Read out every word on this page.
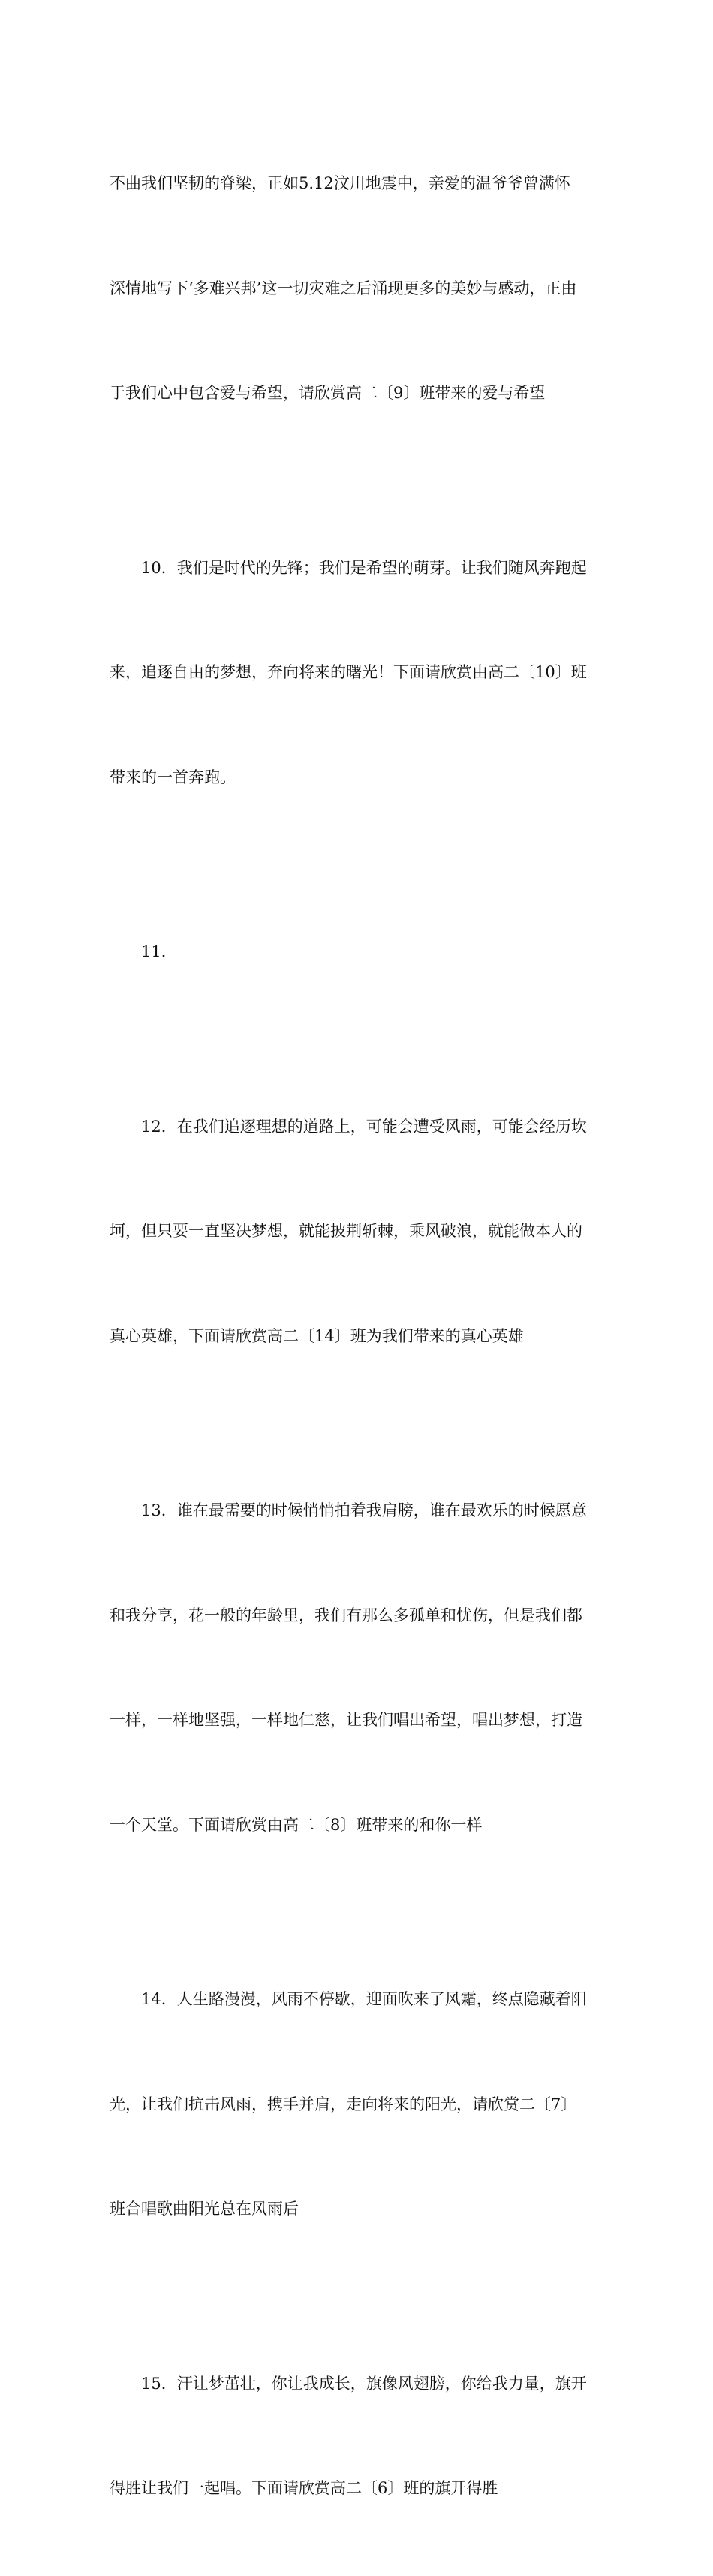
不曲我们坚韧的脊梁，正如5.12汶川地震中，亲爱的温爷爷曾满怀

深情地写下‘多难兴邦’这一切灾难之后涌现更多的美妙与感动，正由

于我们心中包含爱与希望，请欣赏高二〔9〕班带来的爱与希望

10．我们是时代的先锋；我们是希望的萌芽。让我们随风奔跑起

来，追逐自由的梦想，奔向将来的曙光！下面请欣赏由高二〔10〕班

带来的一首奔跑。

11．

12．在我们追逐理想的道路上，可能会遭受风雨，可能会经历坎

坷，但只要一直坚决梦想，就能披荆斩棘，乘风破浪，就能做本人的

真心英雄，下面请欣赏高二〔14〕班为我们带来的真心英雄

13．谁在最需要的时候悄悄拍着我肩膀，谁在最欢乐的时候愿意

和我分享，花一般的年龄里，我们有那么多孤单和忧伤，但是我们都

一样，一样地坚强，一样地仁慈，让我们唱出希望，唱出梦想，打造

一个天堂。下面请欣赏由高二〔8〕班带来的和你一样

14．人生路漫漫，风雨不停歇，迎面吹来了风霜，终点隐藏着阳

光，让我们抗击风雨，携手并肩，走向将来的阳光，请欣赏二〔7〕

班合唱歌曲阳光总在风雨后

15．汗让梦茁壮，你让我成长，旗像风翅膀，你给我力量，旗开

得胜让我们一起唱。下面请欣赏高二〔6〕班的旗开得胜
